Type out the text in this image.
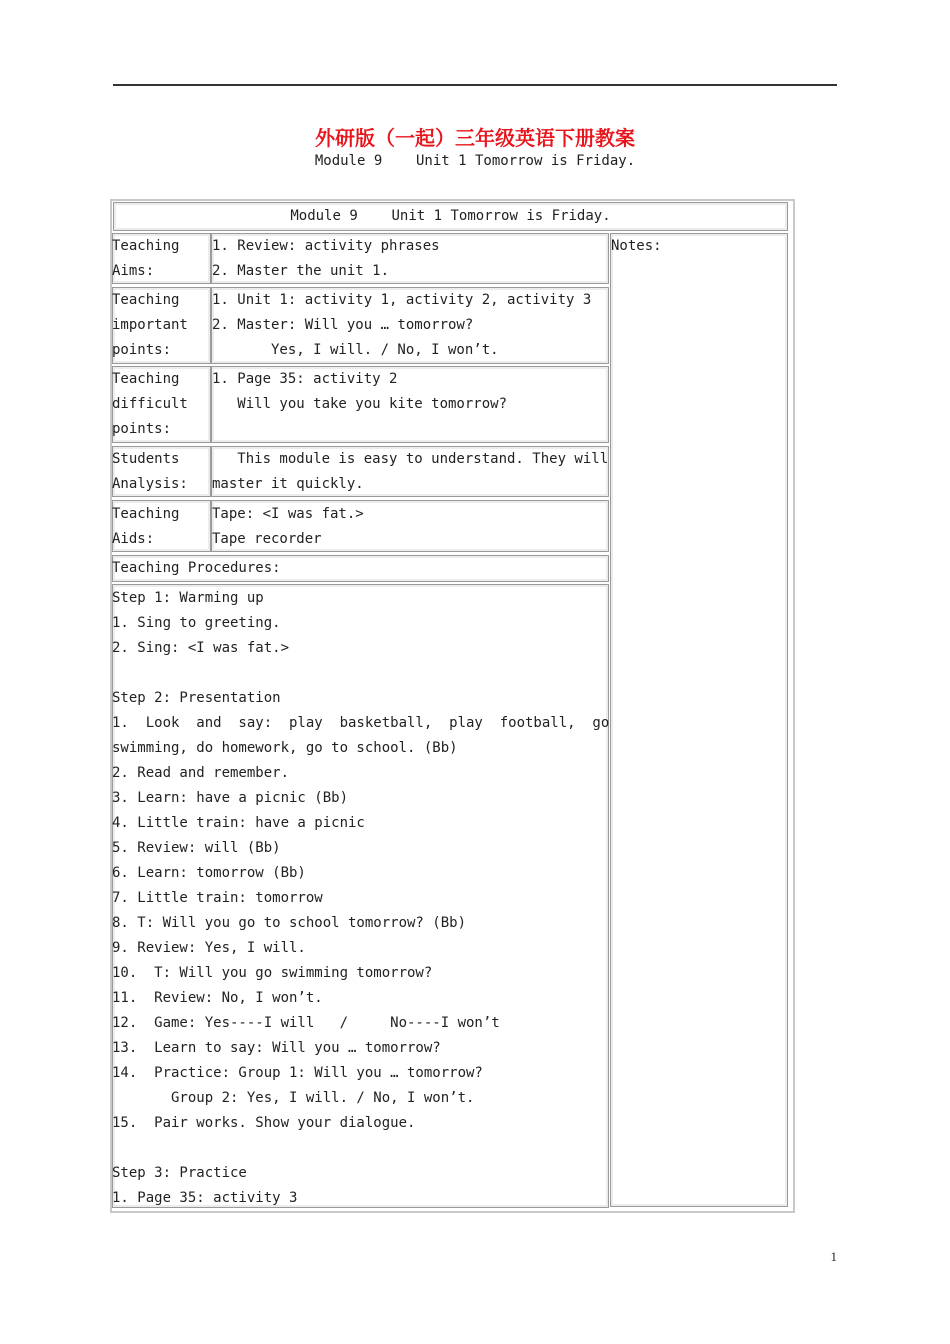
外研版（一起）三年级英语下册教案
Module 9    Unit 1 Tomorrow is Friday.
Module 9    Unit 1 Tomorrow is Friday.
Notes:
Teaching
Aims:
1. Review: activity phrases
2. Master the unit 1.
Teaching
important
points:
1. Unit 1: activity 1, activity 2, activity 3
2. Master: Will you … tomorrow?
Yes, I will. / No, I won’t.
Teaching
difficult
points:
1. Page 35: activity 2
Will you take you kite tomorrow?
Students
Analysis:
This module is easy to understand. They will
master it quickly.
Teaching
Aids:
Tape: <I was fat.>
Tape recorder
Teaching Procedures:
Step 1: Warming up
1. Sing to greeting.
2. Sing: <I was fat.>
Step 2: Presentation
1.  Look  and  say:  play  basketball,  play  football,  go
swimming, do homework, go to school. (Bb)
2. Read and remember.
3. Learn: have a picnic (Bb)
4. Little train: have a picnic
5. Review: will (Bb)
6. Learn: tomorrow (Bb)
7. Little train: tomorrow
8. T: Will you go to school tomorrow? (Bb)
9. Review: Yes, I will.
10.  T: Will you go swimming tomorrow?
11.  Review: No, I won’t.
12.  Game: Yes----I will   /     No----I won’t
13.  Learn to say: Will you … tomorrow?
14.  Practice: Group 1: Will you … tomorrow?
Group 2: Yes, I will. / No, I won’t.
15.  Pair works. Show your dialogue.
Step 3: Practice
1. Page 35: activity 3
1
